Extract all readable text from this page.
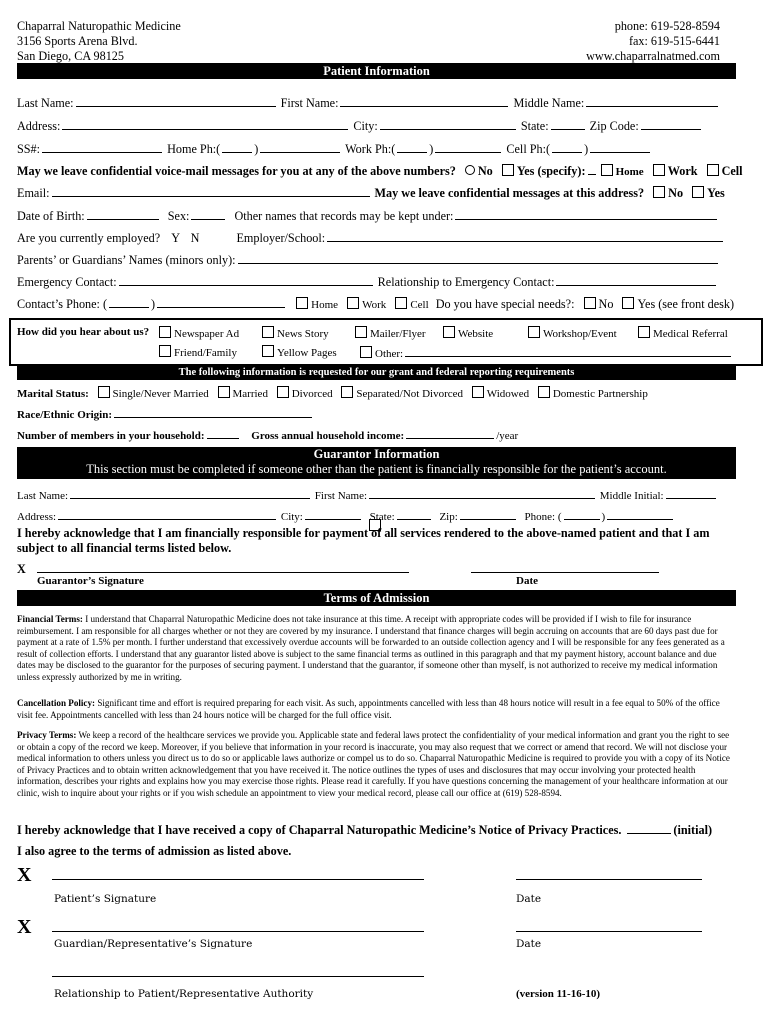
Chaparral Naturopathic Medicine
3156 Sports Arena Blvd.
San Diego, CA 98125
phone: 619-528-8594
fax: 619-515-6441
www.chaparralnatmed.com
Patient Information
Last Name:	First Name:	Middle Name:
Address:	City:	State:	Zip Code:
SS#:	Home Ph:(	)	Work Ph:(	)	Cell Ph:(	)
May we leave confidential voice-mail messages for you at any of the above numbers? No Yes (specify):	Home Work Cell
Email:	May we leave confidential messages at this address? No Yes
Date of Birth:	Sex:	Other names that records may be kept under:
Are you currently employed? Y N	Employer/School:
Parents’ or Guardians’ Names (minors only):
Emergency Contact:	Relationship to Emergency Contact:
Contact’s Phone: (	)	Home Work Cell Do you have special needs?: No Yes (see front desk)
How did you hear about us?	Newspaper Ad	News Story	Mailer/Flyer	Website	Workshop/Event	Medical Referral
Friend/Family	Yellow Pages	Other:
The following information is requested for our grant and federal reporting requirements
Marital Status: Single/Never Married Married Divorced Separated/Not Divorced Widowed Domestic Partnership
Race/Ethnic Origin:
Number of members in your household:	Gross annual household income:	/year
Guarantor Information
This section must be completed if someone other than the patient is financially responsible for the patient’s account.
Last Name:	First Name:	Middle Initial:
Address:	City:	State:	Zip:	Phone: (	)
I hereby acknowledge that I am financially responsible for payment of all services rendered to the above-named patient and that I am
subject to all financial terms listed below.
X
Guarantor’s Signature	Date
Terms of Admission
Financial Terms: I understand that Chaparral Naturopathic Medicine does not take insurance at this time. A receipt with appropriate codes will be provided if I wish to file for insurance reimbursement. I am responsible for all charges whether or not they are covered by my insurance. I understand that finance charges will begin accruing on accounts that are 60 days past due for payment at a rate of 1.5% per month. I further understand that excessively overdue accounts will be forwarded to an outside collection agency and I will be responsible for any fees generated as a result of collection efforts. I understand that any guarantor listed above is subject to the same financial terms as outlined in this paragraph and that my payment history, account balance and due dates may be disclosed to the guarantor for the purposes of securing payment. I understand that the guarantor, if someone other than myself, is not authorized to receive my medical information unless expressly authorized by me in writing.
Cancellation Policy: Significant time and effort is required preparing for each visit. As such, appointments cancelled with less than 48 hours notice will result in a fee equal to 50% of the office visit fee. Appointments cancelled with less than 24 hours notice will be charged for the full office visit.
Privacy Terms: We keep a record of the healthcare services we provide you. Applicable state and federal laws protect the confidentiality of your medical information and grant you the right to see or obtain a copy of the record we keep. Moreover, if you believe that information in your record is inaccurate, you may also request that we correct or amend that record. We will not disclose your medical information to others unless you direct us to do so or applicable laws authorize or compel us to do so. Chaparral Naturopathic Medicine is required to provide you with a copy of its Notice of Privacy Practices and to obtain written acknowledgement that you have received it. The notice outlines the types of uses and disclosures that may occur involving your protected health information, describes your rights and explains how you may exercise those rights. Please read it carefully. If you have questions concerning the management of your healthcare information at our clinic, wish to inquire about your rights or if you wish schedule an appointment to view your medical record, please call our office at (619) 528-8594.
I hereby acknowledge that I have received a copy of Chaparral Naturopathic Medicine’s Notice of Privacy Practices.	(initial)
I also agree to the terms of admission as listed above.
X
Patient’s Signature	Date
X
Guardian/Representative’s Signature	Date
Relationship to Patient/Representative Authority	(version 11-16-10)
